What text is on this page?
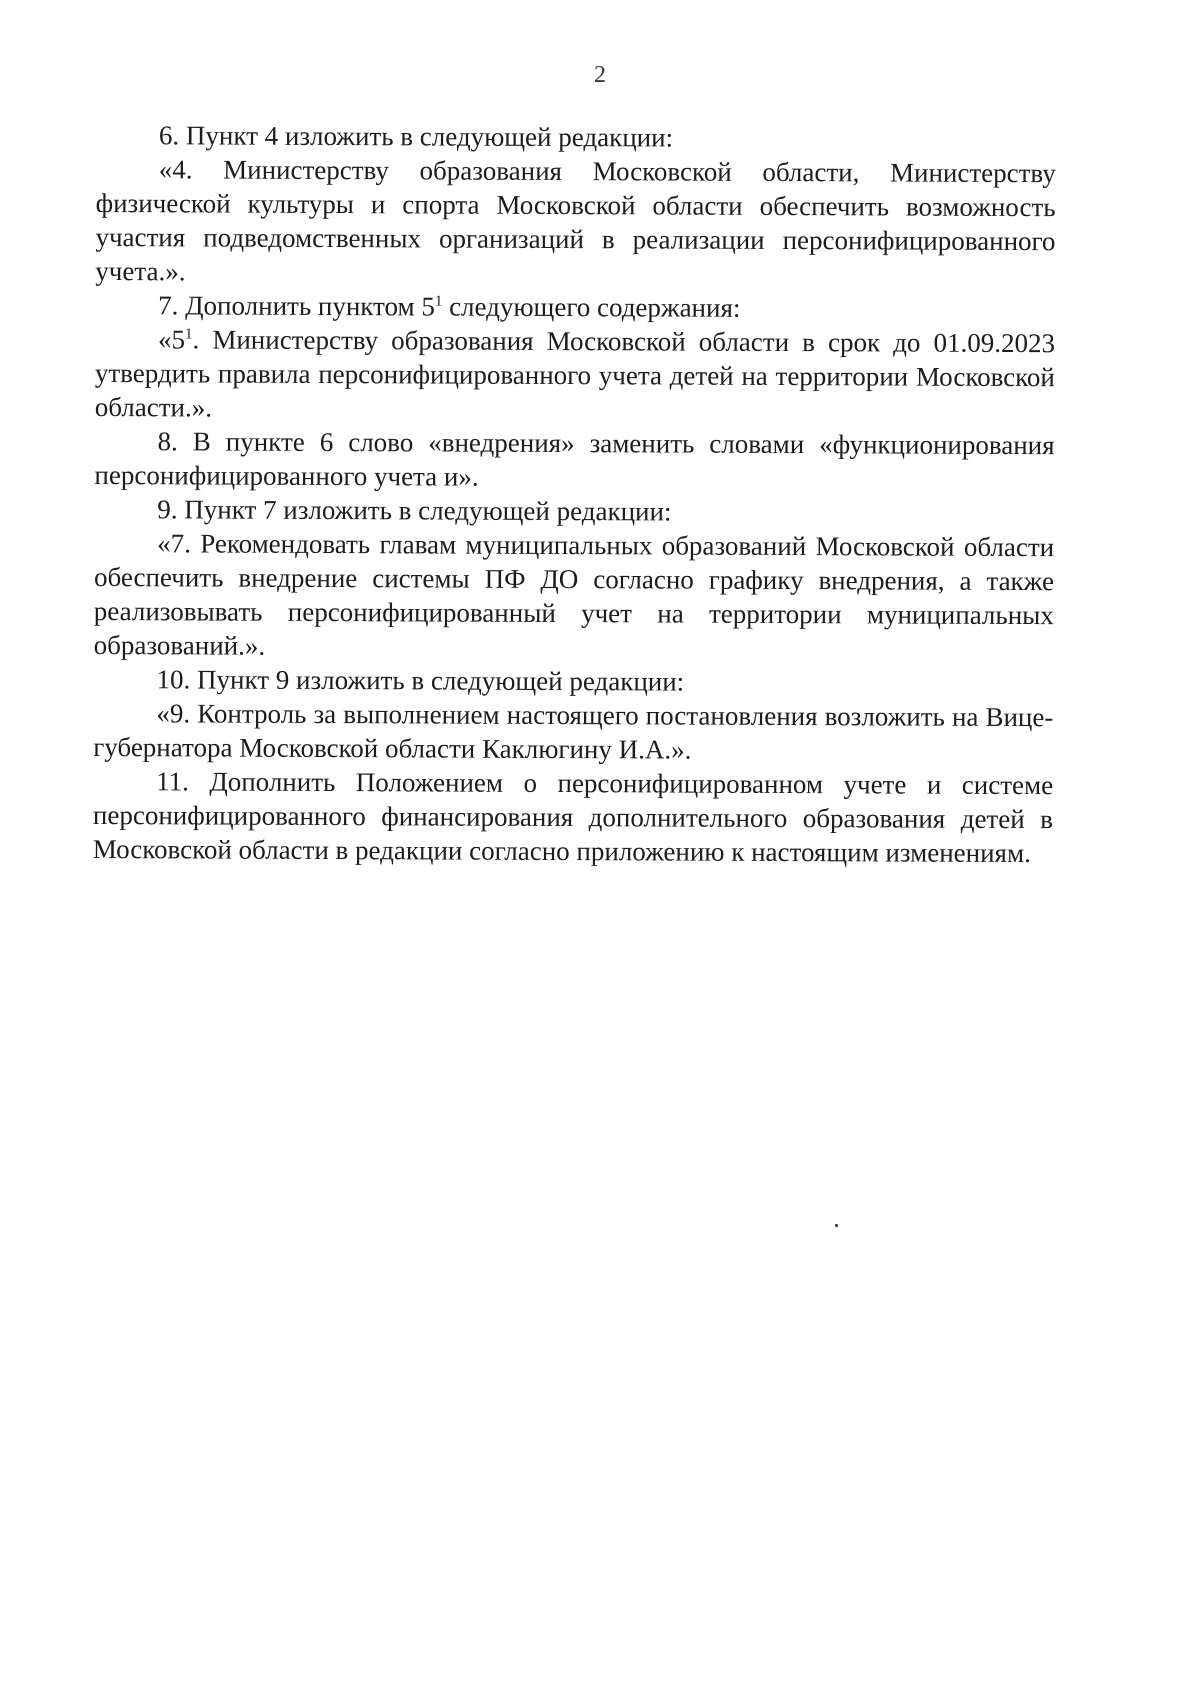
2

6. Пункт 4 изложить в следующей редакции:

«4. Министерству образования Московской области, Министерству физической культуры и спорта Московской области обеспечить возможность участия подведомственных организаций в реализации персонифицированного учета.».

7. Дополнить пунктом $5^1$ следующего содержания:

«$5^1$. Министерству образования Московской области в срок до 01.09.2023 утвердить правила персонифицированного учета детей на территории Московской области.».

8. В пункте 6 слово «внедрения» заменить словами «функционирования персонифицированного учета и».

9. Пункт 7 изложить в следующей редакции:

«7. Рекомендовать главам муниципальных образований Московской области обеспечить внедрение системы ПФ ДО согласно графику внедрения, а также реализовывать персонифицированный учет на территории муниципальных образований.».

10. Пункт 9 изложить в следующей редакции:

«9. Контроль за выполнением настоящего постановления возложить на Вице-губернатора Московской области Каклюгину И.А.».

11. Дополнить Положением о персонифицированном учете и системе персонифицированного финансирования дополнительного образования детей в Московской области в редакции согласно приложению к настоящим изменениям.
